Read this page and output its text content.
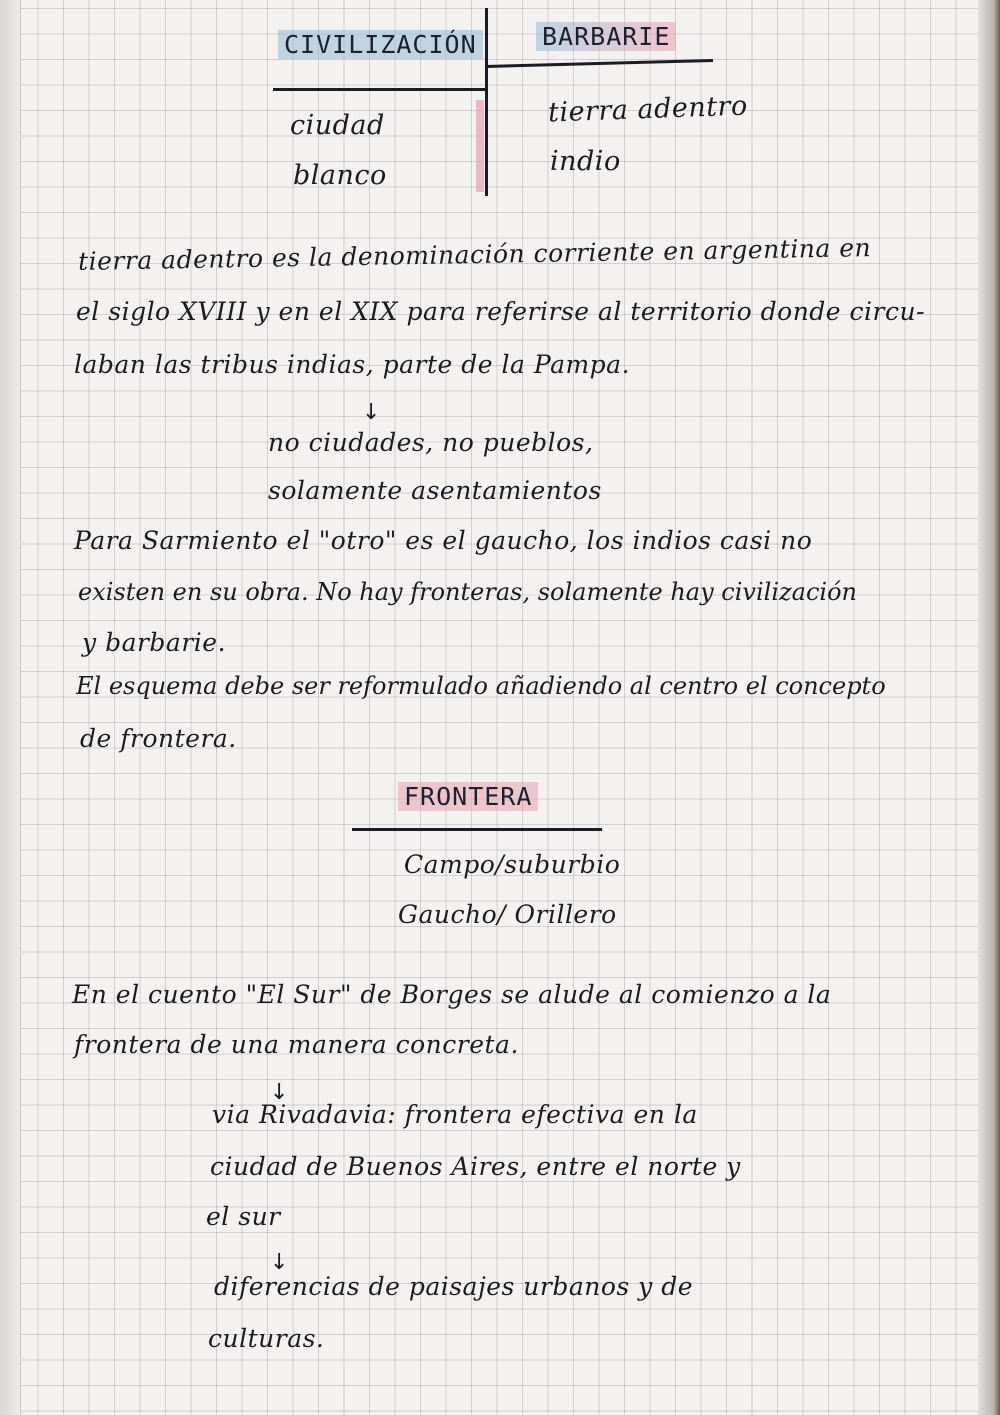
CIVILIZACIÓN	BARBARIE
ciudad
blanco
tierra adentro
indio
tierra adentro es la denominación corriente en argentina en
el siglo XVIII y en el XIX para referirse al territorio donde circu-
laban las tribus indias, parte de la Pampa.
↓
no ciudades, no pueblos,
solamente asentamientos
Para Sarmiento el "otro" es el gaucho, los indios casi no
existen en su obra. No hay fronteras, solamente hay civilización
y barbarie.
El esquema debe ser reformulado añadiendo al centro el concepto
de frontera.
FRONTERA
Campo/suburbio
Gaucho/ Orillero
En el cuento "El Sur" de Borges se alude al comienzo a la
frontera de una manera concreta.
↓
via Rivadavia: frontera efectiva en la
ciudad de Buenos Aires, entre el norte y
el sur
↓
diferencias de paisajes urbanos y de
culturas.
